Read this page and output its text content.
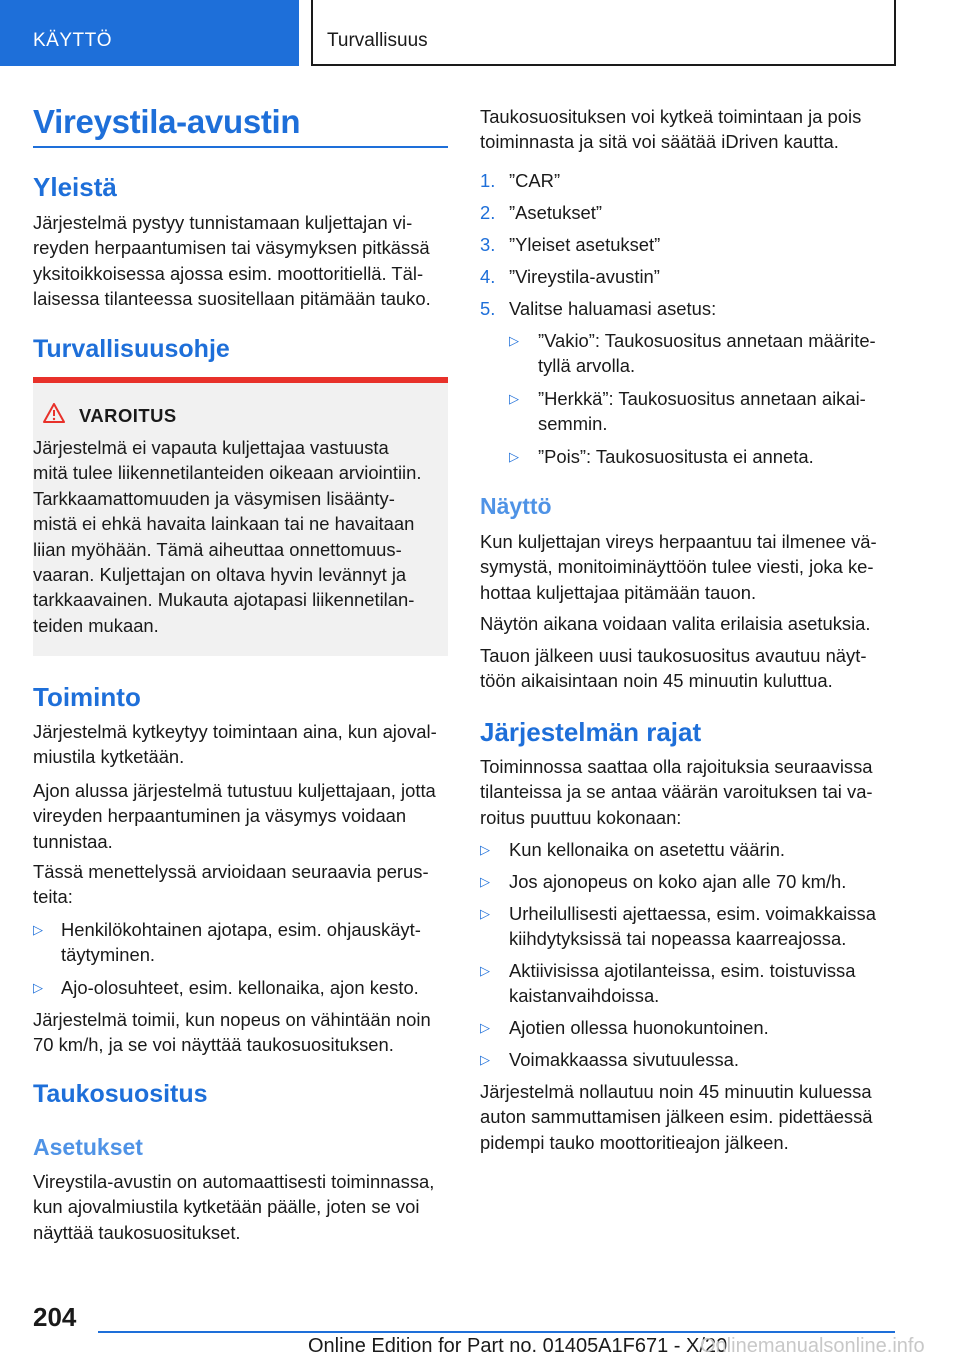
KÄYTTÖ	Turvallisuus
Vireystila-avustin
Yleistä

Järjestelmä pystyy tunnistamaan kuljettajan vi-

reyden herpaantumisen tai väsymyksen pitkässä

yksitoikkoisessa ajossa esim. moottoritiellä. Täl-

laisessa tilanteessa suositellaan pitämään tauko.

Turvallisuusohje
VAROITUS

Järjestelmä ei vapauta kuljettajaa vastuusta

mitä tulee liikennetilanteiden oikeaan arviointiin.

Tarkkaamattomuuden ja väsymisen lisäänty-

mistä ei ehkä havaita lainkaan tai ne havaitaan

liian myöhään. Tämä aiheuttaa onnettomuus-

vaaran. Kuljettajan on oltava hyvin levännyt ja

tarkkaavainen. Mukauta ajotapasi liikennetilan-

teiden mukaan.

Toiminto

Järjestelmä kytkeytyy toimintaan aina, kun ajoval-

miustila kytketään.

Ajon alussa järjestelmä tutustuu kuljettajaan, jotta

vireyden herpaantuminen ja väsymys voidaan

tunnistaa.

Tässä menettelyssä arvioidaan seuraavia perus-

teita:

▷ Henkilökohtainen ajotapa, esim. ohjauskäyt-

täytyminen.

▷ Ajo-olosuhteet, esim. kellonaika, ajon kesto.

Järjestelmä toimii, kun nopeus on vähintään noin

70 km/h, ja se voi näyttää taukosuosituksen.

Taukosuositus
Asetukset

Vireystila-avustin on automaattisesti toiminnassa,

kun ajovalmiustila kytketään päälle, joten se voi

näyttää taukosuositukset.

Taukosuosituksen voi kytkeä toimintaan ja pois

toiminnasta ja sitä voi säätää iDriven kautta.

1. ”CAR”

2. ”Asetukset”

3. ”Yleiset asetukset”

4. ”Vireystila-avustin”

5. Valitse haluamasi asetus:

▷ ”Vakio”: Taukosuositus annetaan määrite-

tyllä arvolla.

▷ ”Herkkä”: Taukosuositus annetaan aikai-

semmin.

▷ ”Pois”: Taukosuositusta ei anneta.

Näyttö

Kun kuljettajan vireys herpaantuu tai ilmenee vä-

symystä, monitoiminäyttöön tulee viesti, joka ke-

hottaa kuljettajaa pitämään tauon.

Näytön aikana voidaan valita erilaisia asetuksia.

Tauon jälkeen uusi taukosuositus avautuu näyt-

töön aikaisintaan noin 45 minuutin kuluttua.

Järjestelmän rajat

Toiminnossa saattaa olla rajoituksia seuraavissa

tilanteissa ja se antaa väärän varoituksen tai va-

roitus puuttuu kokonaan:

▷ Kun kellonaika on asetettu väärin.

▷ Jos ajonopeus on koko ajan alle 70 km/h.

▷ Urheilullisesti ajettaessa, esim. voimakkaissa

kiihdytyksissä tai nopeassa kaarreajossa.

▷ Aktiivisissa ajotilanteissa, esim. toistuvissa

kaistanvaihdoissa.

▷ Ajotien ollessa huonokuntoinen.

▷ Voimakkaassa sivutuulessa.

Järjestelmä nollautuu noin 45 minuutin kuluessa

auton sammuttamisen jälkeen esim. pidettäessä

pidempi tauko moottoritieajon jälkeen.

204
Online Edition for Part no. 01405A1F671 - X/20
Onlinemanualsonline.info
